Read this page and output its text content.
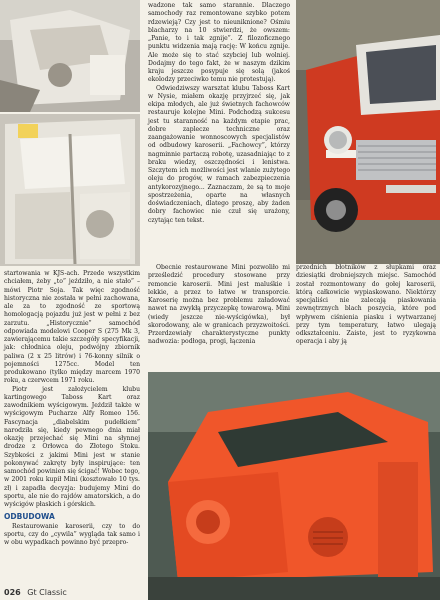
wadzone tak samo starannie. Dlaczego samochody raz remontowane szybko potem rdzewieją? Czy jest to nieuniknione? Ośmiu blacharzy na 10 stwierdzi, że owszem: „Panie, to i tak zgnije”. Z filozoficznego punktu widzenia mają rację: W końcu zgnije. Ale może się to stać szybciej lub wolniej. Dodajmy do tego fakt, że w naszym dzikim kraju jeszcze posypuje się solą (jakoś ekolodzy przeciwko temu nie protestują).

Odwiedziwszy warsztat klubu Taboss Kart w Nysie, miałem okazję przyjrzeć się, jak ekipa młodych, ale już świetnych fachowców restauruje kolejne Mini. Podchodzą sukcesu jest tu staranność na każdym etapie prac, dobre zaplecze techniczne oraz zaangażowanie wonnoscowych specjalistów od odbudowy karoserii. „Fachowcy”, którzy nagminnie partaczą robotę, uzasadniając to z braku wiedzy, oszczędności i lenistwa. Szczytem ich możliwości jest wlanie zużytego oleju do progów, w ramach zabezpieczenia antykorozyjnego... Zaznaczam, że są to moje spostrzeżenia, oparte na własnych doświadczeniach, dlatego proszę, aby żaden dobry fachowiec nie czuł się urażony, czytając ten tekst.

startowania w KJS-ach. Przede wszystkim chciałem, żeby „to” jeździło, a nie stało” – mówi Piotr Soja. Tak więc zgodność historyczna nie została w pełni zachowana, ale za to zgodność ze sportową homologacją pojazdu już jest w pełni z bez zarzutu. „Historycznie” samochód odpowiada modelowi Cooper S (275 Mk 3, zawierającemu takie szczegóły specyfikacji, jak: chłodnica oleju, podwójny zbiornik paliwa (2 x 25 litrów) i 76-konny silnik o pojemności 1275cc. Model ten produkowano (tylko między marcem 1970 roku, a czerwcem 1971 roku.

Piotr jest założycielem klubu kartingowego Taboss Kart oraz zawodnikiem wyścigowym. Jeździł także w wyścigowym Pucharze Alfy Romeo 156. Fascynacja „diabelskim pudełkiem” narodziła się, kiedy pewnego dnia miał okazję przejechać się Mini na słynnej drodze z Orłowca do Złotego Stoku. Szybkości z jakimi Mini jest w stanie pokonywać zakręty były inspirujące: ten samochód powinien się ścigać! Wobec tego, w 2001 roku kupił Mini (kosztowało 10 tys. zł) i zapadła decyzja: budujemy Mini do sportu, ale nie do rajdów amatorskich, a do wyścigów płaskich i górskich.

ODBUDOWA

Restaurowanie karoserii, czy to do sportu, czy do „cywila” wygląda tak samo i w obu wypadkach powinno być przepro-

Obecnie restaurowane Mini pozwoliło mi prześledzić procedury stosowane przy remoncie karoserii. Mini jest maluśkie i lekkie, a przez to łatwe w transporcie. Karoserię można bez problemu załadować nawet na zwykłą przyczepkę towarową. Mini (wiedy jeszcze nie-wyścigówka), był skorodowany, ale w granicach przyzwoitości. Przerdzewiały charakterystyczne punkty nadwozia: podłoga, progi, łączenia

przednich błotników z słupkami oraz dziesiątki drobniejszych miejsc. Samochód został rozmontowany do gołej karoserii, którą całkowicie wypiaskowano. Niektórzy specjaliści nie zalecają piaskowania zewnętrznych blach poszycia, które pod wpływem ciśnienia piasku i wytwarzanej przy tym temperatury, łatwo ulegają odkształceniu. Zaiste, jest to ryzykowna operacja i aby ją

026 Gt Classic
